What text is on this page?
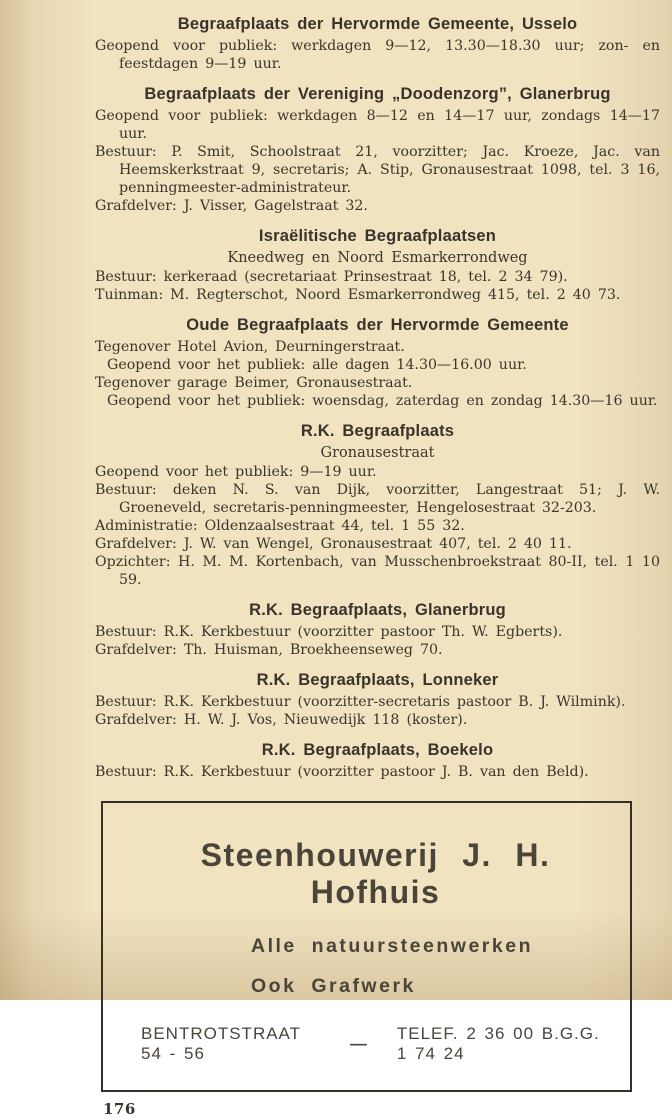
Begraafplaats der Hervormde Gemeente, Usselo

Geopend voor publiek: werkdagen 9—12, 13.30—18.30 uur; zon- en feestdagen 9—19 uur.

Begraafplaats der Vereniging „Doodenzorg”, Glanerbrug

Geopend voor publiek: werkdagen 8—12 en 14—17 uur, zondags 14—17 uur.

Bestuur: P. Smit, Schoolstraat 21, voorzitter; Jac. Kroeze, Jac. van Heemskerkstraat 9, secretaris; A. Stip, Gronausestraat 1098, tel. 3 16, penningmeester-administrateur.

Grafdelver: J. Visser, Gagelstraat 32.

Israëlitische Begraafplaatsen
Kneedweg en Noord Esmarkerrondweg

Bestuur: kerkeraad (secretariaat Prinsestraat 18, tel. 2 34 79).

Tuinman: M. Regterschot, Noord Esmarkerrondweg 415, tel. 2 40 73.

Oude Begraafplaats der Hervormde Gemeente

Tegenover Hotel Avion, Deurningerstraat.

Geopend voor het publiek: alle dagen 14.30—16.00 uur.

Tegenover garage Beimer, Gronausestraat.

Geopend voor het publiek: woensdag, zaterdag en zondag 14.30—16 uur.

R.K. Begraafplaats
Gronausestraat

Geopend voor het publiek: 9—19 uur.

Bestuur: deken N. S. van Dijk, voorzitter, Langestraat 51; J. W. Groeneveld, secretaris-penningmeester, Hengelosestraat 32-203.

Administratie: Oldenzaalsestraat 44, tel. 1 55 32.

Grafdelver: J. W. van Wengel, Gronausestraat 407, tel. 2 40 11.

Opzichter: H. M. M. Kortenbach, van Musschenbroekstraat 80-II, tel. 1 10 59.

R.K. Begraafplaats, Glanerbrug

Bestuur: R.K. Kerkbestuur (voorzitter pastoor Th. W. Egberts).

Grafdelver: Th. Huisman, Broekheenseweg 70.

R.K. Begraafplaats, Lonneker

Bestuur: R.K. Kerkbestuur (voorzitter-secretaris pastoor B. J. Wilmink).

Grafdelver: H. W. J. Vos, Nieuwedijk 118 (koster).

R.K. Begraafplaats, Boekelo

Bestuur: R.K. Kerkbestuur (voorzitter pastoor J. B. van den Beld).

Steenhouwerij J. H. Hofhuis
Alle natuursteenwerken
Ook Grafwerk
BENTROTSTRAAT 54 - 56
—
TELEF. 2 36 00 B.G.G. 1 74 24
176
